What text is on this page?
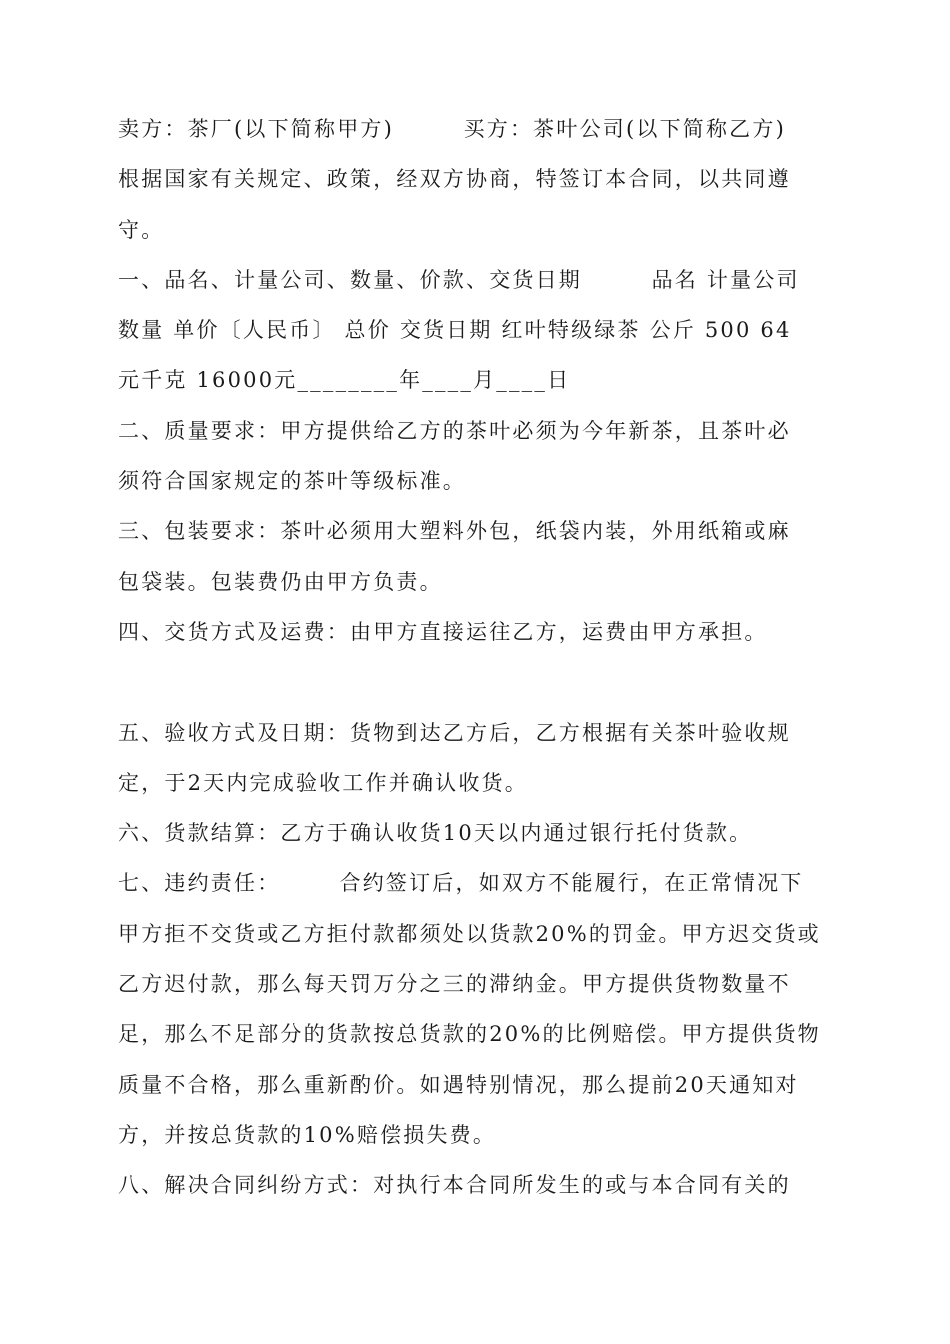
卖方：茶厂(以下简称甲方)　　　买方：茶叶公司(以下简称乙方)
根据国家有关规定、政策，经双方协商，特签订本合同，以共同遵
守。
一、品名、计量公司、数量、价款、交货日期　　　品名 计量公司
数量 单价〔人民币〕 总价 交货日期 红叶特级绿茶 公斤 500 64
元千克 16000元________年____月____日
二、质量要求：甲方提供给乙方的茶叶必须为今年新茶，且茶叶必
须符合国家规定的茶叶等级标准。
三、包装要求：茶叶必须用大塑料外包，纸袋内装，外用纸箱或麻
包袋装。包装费仍由甲方负责。
四、交货方式及运费：由甲方直接运往乙方，运费由甲方承担。
五、验收方式及日期：货物到达乙方后，乙方根据有关茶叶验收规
定，于2天内完成验收工作并确认收货。
六、货款结算：乙方于确认收货10天以内通过银行托付货款。
七、违约责任：　　　合约签订后，如双方不能履行，在正常情况下
甲方拒不交货或乙方拒付款都须处以货款20%的罚金。甲方迟交货或
乙方迟付款，那么每天罚万分之三的滞纳金。甲方提供货物数量不
足，那么不足部分的货款按总货款的20%的比例赔偿。甲方提供货物
质量不合格，那么重新酌价。如遇特别情况，那么提前20天通知对
方，并按总货款的10%赔偿损失费。
八、解决合同纠纷方式：对执行本合同所发生的或与本合同有关的
